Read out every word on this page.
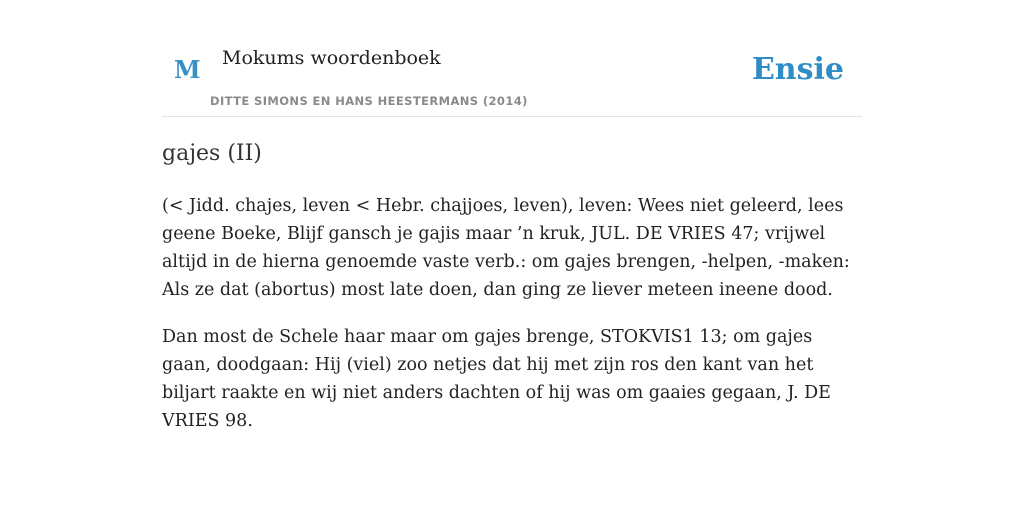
M Mokums woordenboek
DITTE SIMONS EN HANS HEESTERMANS (2014)
Ensie
gajes (II)

(< Jidd. chajes, leven < Hebr. chajjoes, leven), leven: Wees niet geleerd, lees geene Boeke, Blijf gansch je gajis maar ’n kruk, JUL. DE VRIES 47; vrijwel altijd in de hierna genoemde vaste verb.: om gajes brengen, -helpen, -maken: Als ze dat (abortus) most late doen, dan ging ze liever meteen ineene dood.

Dan most de Schele haar maar om gajes brenge, STOKVIS1 13; om gajes gaan, doodgaan: Hij (viel) zoo netjes dat hij met zijn ros den kant van het biljart raakte en wij niet anders dachten of hij was om gaaies gegaan, J. DE VRIES 98.
